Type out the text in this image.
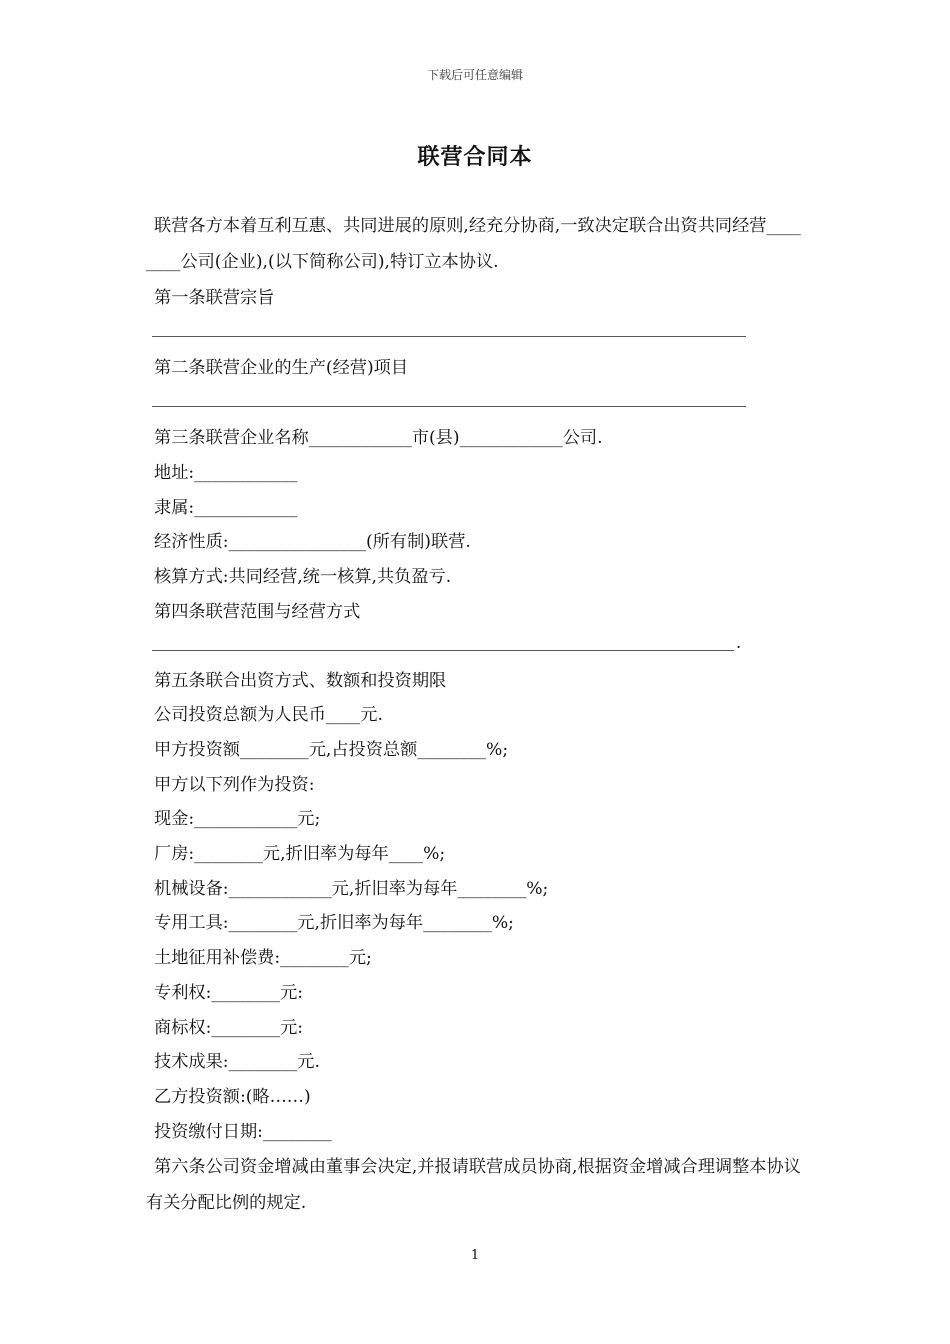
下载后可任意编辑
联营合同本
联营各方本着互利互惠、共同进展的原则,经充分协商,一致决定联合出资共同经营________公司(企业),(以下简称公司),特订立本协议.
第一条联营宗旨
第二条联营企业的生产(经营)项目
第三条联营企业名称____________市(县)____________公司.
地址:____________
隶属:____________
经济性质:________________(所有制)联营.
核算方式:共同经营,统一核算,共负盈亏.
第四条联营范围与经营方式
.
第五条联合出资方式、数额和投资期限
公司投资总额为人民币____元.
甲方投资额________元,占投资总额________%;
甲方以下列作为投资:
现金:____________元;
厂房:________元,折旧率为每年____%;
机械设备:____________元,折旧率为每年________%;
专用工具:________元,折旧率为每年________%;
土地征用补偿费:________元;
专利权:________元:
商标权:________元:
技术成果:________元.
乙方投资额:(略……)
投资缴付日期:________
第六条公司资金增减由董事会决定,并报请联营成员协商,根据资金增减合理调整本协议有关分配比例的规定.
1
